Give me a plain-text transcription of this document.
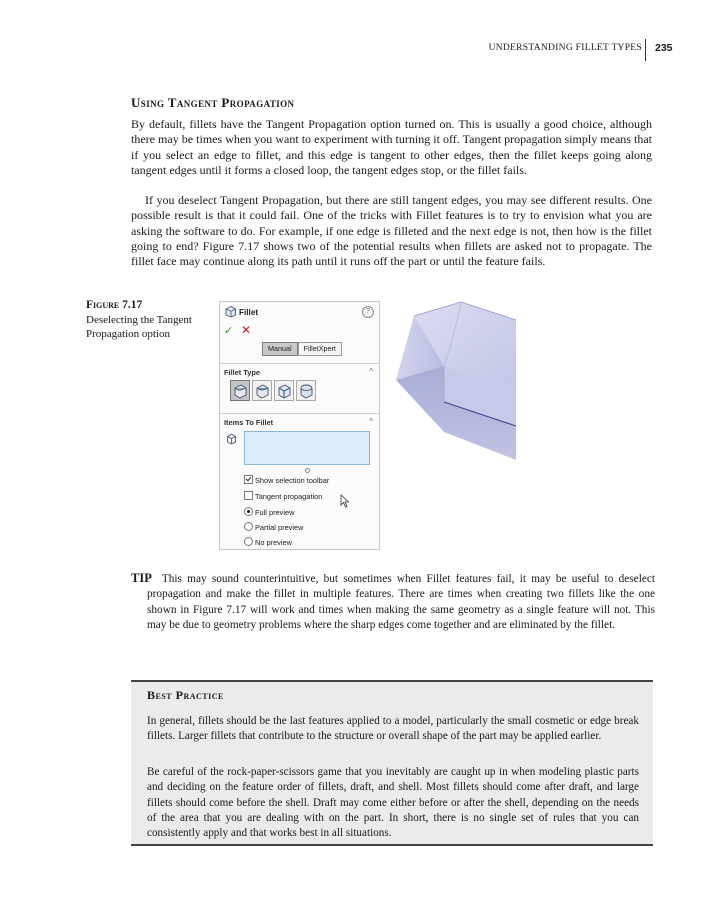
UNDERSTANDING FILLET TYPES 235
Using Tangent Propagation

By default, fillets have the Tangent Propagation option turned on. This is usually a good choice, although there may be times when you want to experiment with turning it off. Tangent propagation simply means that if you select an edge to fillet, and this edge is tangent to other edges, then the fillet keeps going along tangent edges until it forms a closed loop, the tangent edges stop, or the fillet fails.

If you deselect Tangent Propagation, but there are still tangent edges, you may see different results. One possible result is that it could fail. One of the tricks with Fillet features is to try to envision what you are asking the software to do. For example, if one edge is filleted and the next edge is not, then how is the fillet going to end? Figure 7.17 shows two of the potential results when fillets are asked not to propagate. The fillet face may continue along its path until it runs off the part or until the feature fails.

Figure 7.17
Deselecting the Tangent Propagation option
Fillet	?
✓ ✕
Manual FilletXpert
Fillet Type	^
Items To Fillet	^
Show selection toolbar
Tangent propagation
Full preview
Partial preview
No preview

TIP This may sound counterintuitive, but sometimes when Fillet features fail, it may be useful to deselect propagation and make the fillet in multiple features. There are times when creating two fillets like the one shown in Figure 7.17 will work and times when making the same geometry as a single feature will not. This may be due to geometry problems where the sharp edges come together and are eliminated by the fillet.

Best Practice

In general, fillets should be the last features applied to a model, particularly the small cosmetic or edge break fillets. Larger fillets that contribute to the structure or overall shape of the part may be applied earlier.

Be careful of the rock-paper-scissors game that you inevitably are caught up in when modeling plastic parts and deciding on the feature order of fillets, draft, and shell. Most fillets should come after draft, and large fillets should come before the shell. Draft may come either before or after the shell, depending on the needs of the area that you are dealing with on the part. In short, there is no single set of rules that you can consistently apply and that works best in all situations.
